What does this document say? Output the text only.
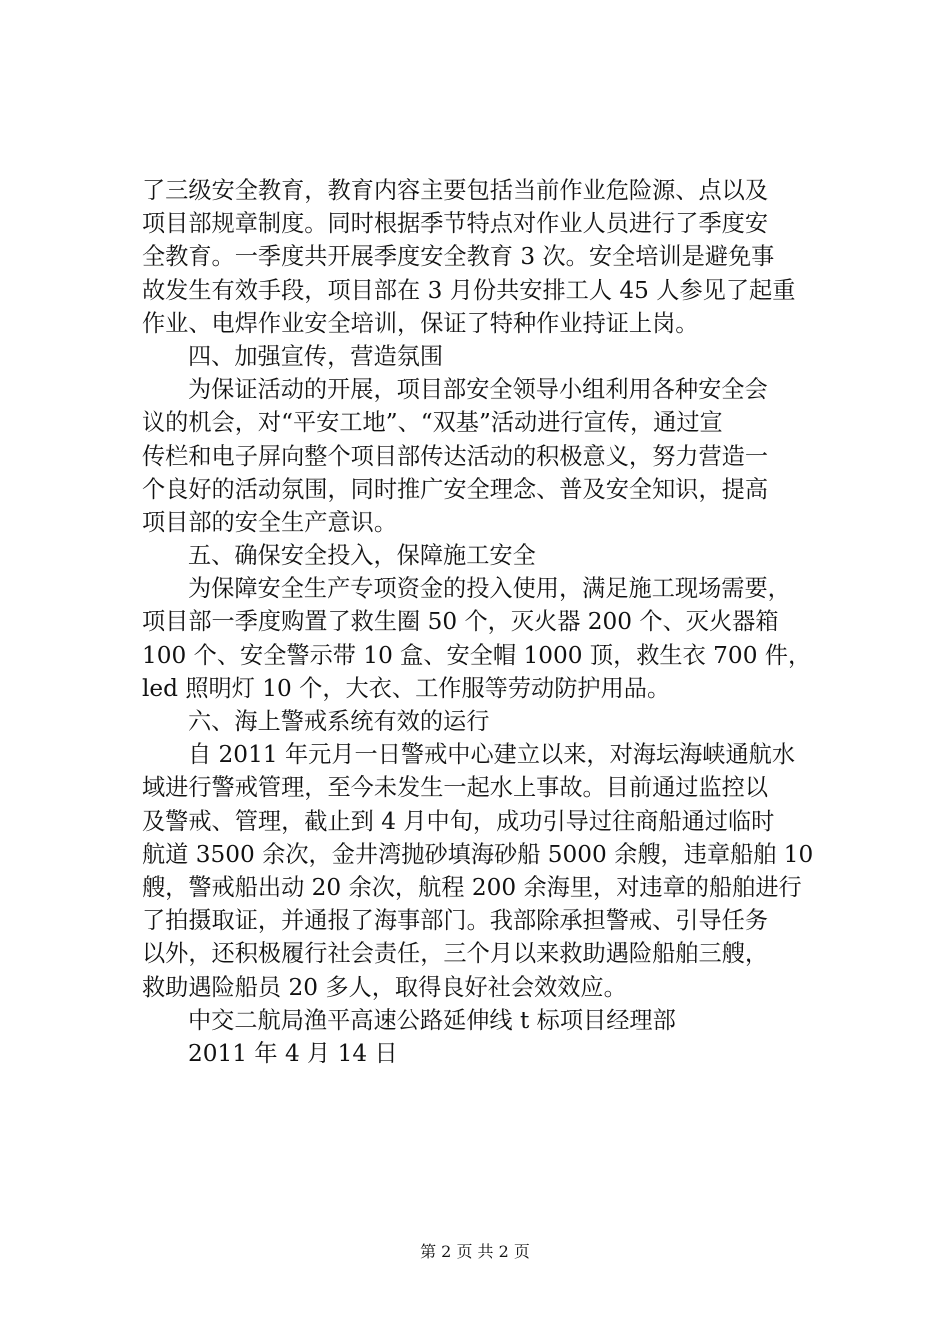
了三级安全教育，教育内容主要包括当前作业危险源、点以及
项目部规章制度。同时根据季节特点对作业人员进行了季度安
全教育。一季度共开展季度安全教育 3 次。安全培训是避免事
故发生有效手段，项目部在 3 月份共安排工人 45 人参见了起重
作业、电焊作业安全培训，保证了特种作业持证上岗。
四、加强宣传，营造氛围
为保证活动的开展，项目部安全领导小组利用各种安全会
议的机会，对“平安工地”、“双基”活动进行宣传，通过宣
传栏和电子屏向整个项目部传达活动的积极意义，努力营造一
个良好的活动氛围，同时推广安全理念、普及安全知识，提高
项目部的安全生产意识。
五、确保安全投入，保障施工安全
为保障安全生产专项资金的投入使用，满足施工现场需要，
项目部一季度购置了救生圈 50 个，灭火器 200 个、灭火器箱
100 个、安全警示带 10 盒、安全帽 1000 顶，救生衣 700 件，
led 照明灯 10 个，大衣、工作服等劳动防护用品。
六、海上警戒系统有效的运行
自 2011 年元月一日警戒中心建立以来，对海坛海峡通航水
域进行警戒管理，至今未发生一起水上事故。目前通过监控以
及警戒、管理，截止到 4 月中旬，成功引导过往商船通过临时
航道 3500 余次，金井湾抛砂填海砂船 5000 余艘，违章船舶 10
艘，警戒船出动 20 余次，航程 200 余海里，对违章的船舶进行
了拍摄取证，并通报了海事部门。我部除承担警戒、引导任务
以外，还积极履行社会责任，三个月以来救助遇险船舶三艘，
救助遇险船员 20 多人，取得良好社会效效应。
中交二航局渔平高速公路延伸线 t 标项目经理部
2011 年 4 月 14 日
第 2 页 共 2 页
